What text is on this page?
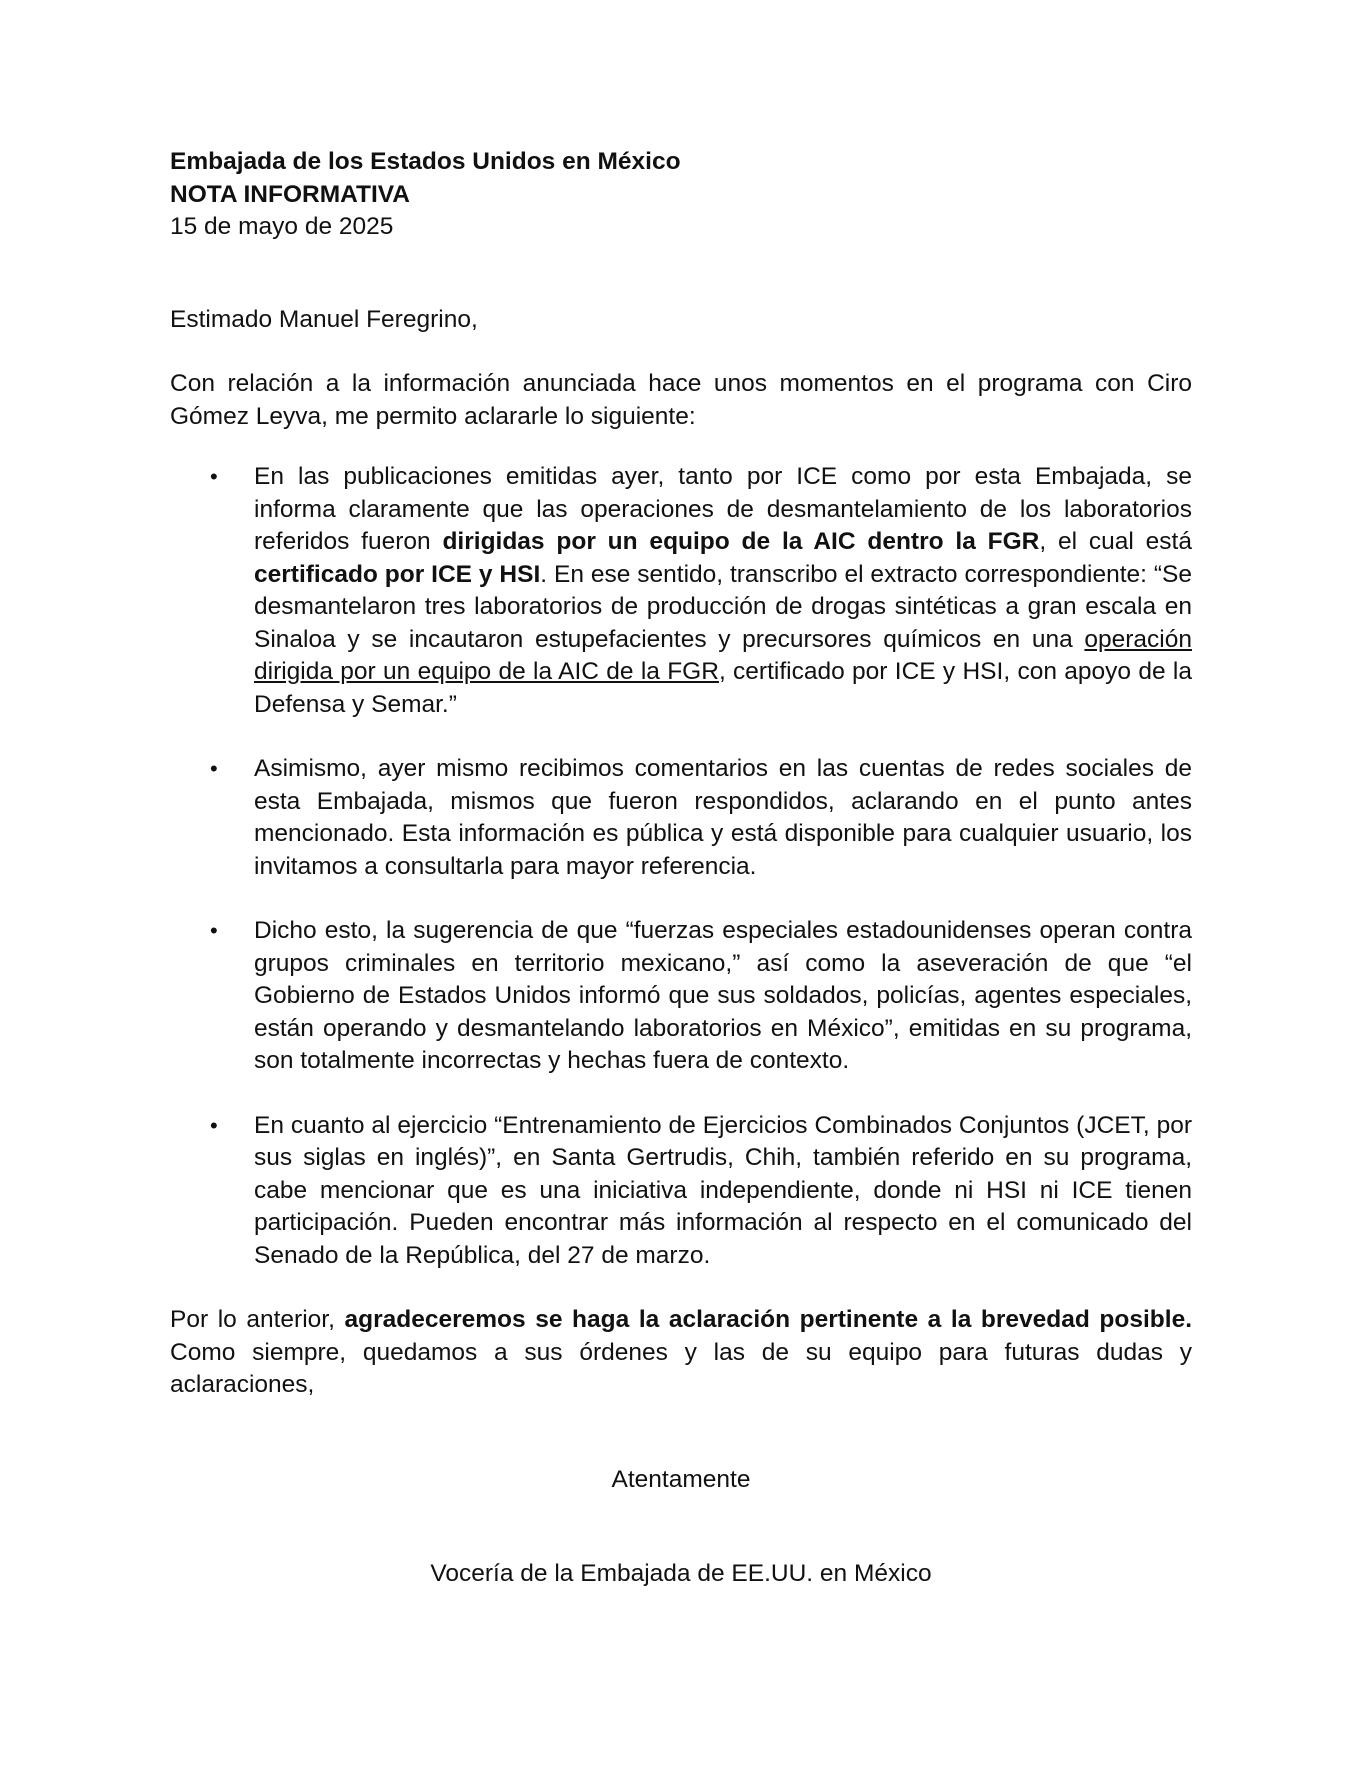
Embajada de los Estados Unidos en México

NOTA INFORMATIVA

15 de mayo de 2025

Estimado Manuel Feregrino,

Con relación a la información anunciada hace unos momentos en el programa con Ciro Gómez Leyva, me permito aclararle lo siguiente:

• En las publicaciones emitidas ayer, tanto por ICE como por esta Embajada, se informa claramente que las operaciones de desmantelamiento de los laboratorios referidos fueron dirigidas por un equipo de la AIC dentro la FGR, el cual está certificado por ICE y HSI. En ese sentido, transcribo el extracto correspondiente: “Se desmantelaron tres laboratorios de producción de drogas sintéticas a gran escala en Sinaloa y se incautaron estupefacientes y precursores químicos en una operación dirigida por un equipo de la AIC de la FGR, certificado por ICE y HSI, con apoyo de la Defensa y Semar.”
• Asimismo, ayer mismo recibimos comentarios en las cuentas de redes sociales de esta Embajada, mismos que fueron respondidos, aclarando en el punto antes mencionado. Esta información es pública y está disponible para cualquier usuario, los invitamos a consultarla para mayor referencia.
• Dicho esto, la sugerencia de que “fuerzas especiales estadounidenses operan contra grupos criminales en territorio mexicano,” así como la aseveración de que “el Gobierno de Estados Unidos informó que sus soldados, policías, agentes especiales, están operando y desmantelando laboratorios en México”, emitidas en su programa, son totalmente incorrectas y hechas fuera de contexto.
• En cuanto al ejercicio “Entrenamiento de Ejercicios Combinados Conjuntos (JCET, por sus siglas en inglés)”, en Santa Gertrudis, Chih, también referido en su programa, cabe mencionar que es una iniciativa independiente, donde ni HSI ni ICE tienen participación. Pueden encontrar más información al respecto en el comunicado del Senado de la República, del 27 de marzo.

Por lo anterior, agradeceremos se haga la aclaración pertinente a la brevedad posible. Como siempre, quedamos a sus órdenes y las de su equipo para futuras dudas y aclaraciones,

Atentamente

Vocería de la Embajada de EE.UU. en México
